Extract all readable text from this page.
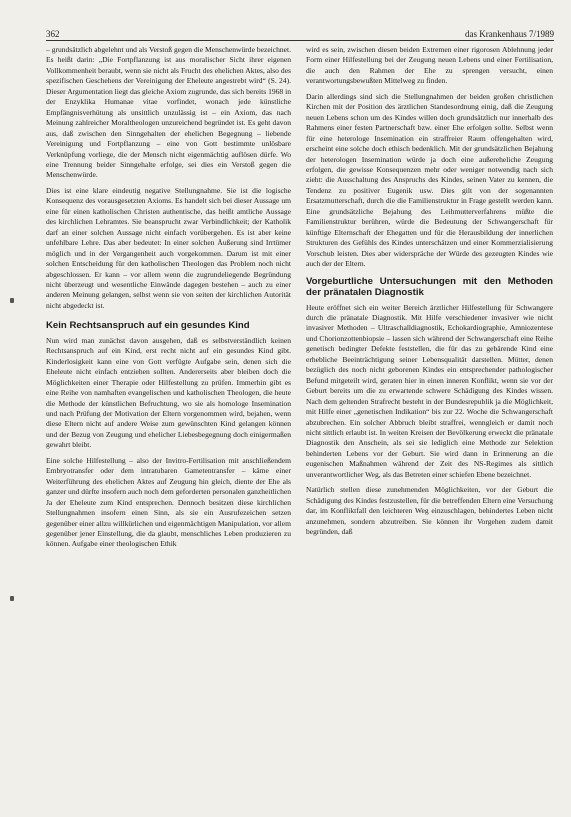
362	das Krankenhaus 7/1989

– grundsätzlich abgelehnt und als Verstoß gegen die Menschenwürde bezeichnet. Es heißt darin: „Die Fortpflanzung ist aus moralischer Sicht ihrer eigenen Vollkommenheit beraubt, wenn sie nicht als Frucht des ehelichen Aktes, also des spezifischen Geschehens der Vereinigung der Eheleute angestrebt wird“ (S. 24). Dieser Argumentation liegt das gleiche Axiom zugrunde, das sich bereits 1968 in der Enzyklika Humanae vitae vorfindet, wonach jede künstliche Empfängnisverhütung als unsittlich unzulässig ist – ein Axiom, das nach Meinung zahlreicher Moraltheologen unzureichend begründet ist. Es geht davon aus, daß zwischen den Sinngehalten der ehelichen Begegnung – liebende Vereinigung und Fortpflanzung – eine von Gott bestimmte unlösbare Verknüpfung vorliege, die der Mensch nicht eigenmächtig auflösen dürfe. Wo eine Trennung beider Sinngehalte erfolge, sei dies ein Verstoß gegen die Menschenwürde.

Dies ist eine klare eindeutig negative Stellungnahme. Sie ist die logische Konsequenz des vorausgesetzten Axioms. Es handelt sich bei dieser Aussage um eine für einen katholischen Christen authentische, das heißt amtliche Aussage des kirchlichen Lehramtes. Sie beansprucht zwar Verbindlichkeit; der Katholik darf an einer solchen Aussage nicht einfach vorübergehen. Es ist aber keine unfehlbare Lehre. Das aber bedeutet: In einer solchen Äußerung sind Irrtümer möglich und in der Vergangenheit auch vorgekommen. Darum ist mit einer solchen Entscheidung für den katholischen Theologen das Problem noch nicht abgeschlossen. Er kann – vor allem wenn die zugrundeliegende Begründung nicht überzeugt und wesentliche Einwände dagegen bestehen – auch zu einer anderen Meinung gelangen, selbst wenn sie von seiten der kirchlichen Autorität nicht abgedeckt ist.

Kein Rechtsanspruch auf ein gesundes Kind

Nun wird man zunächst davon ausgehen, daß es selbstverständlich keinen Rechtsanspruch auf ein Kind, erst recht nicht auf ein gesundes Kind gibt. Kinderlosigkeit kann eine von Gott verfügte Aufgabe sein, denen sich die Eheleute nicht einfach entziehen sollten. Andererseits aber bleiben doch die Möglichkeiten einer Therapie oder Hilfestellung zu prüfen. Immerhin gibt es eine Reihe von namhaften evangelischen und katholischen Theologen, die heute die Methode der künstlichen Befruchtung, wo sie als homologe Insemination und nach Prüfung der Motivation der Eltern vorgenommen wird, bejahen, wenn diese Eltern nicht auf andere Weise zum gewünschten Kind gelangen können und der Bezug von Zeugung und ehelicher Liebesbegegnung doch einigermaßen gewahrt bleibt.

Eine solche Hilfestellung – also der Invitro-Fertilisation mit anschließendem Embryotransfer oder dem intratubaren Gametentransfer – käme einer Weiterführung des ehelichen Aktes auf Zeugung hin gleich, diente der Ehe als ganzer und dürfte insofern auch noch dem geforderten personalen ganzheitlichen Ja der Eheleute zum Kind entsprechen. Dennoch besitzen diese kirchlichen Stellungnahmen insofern einen Sinn, als sie ein Ausrufezeichen setzen gegenüber einer allzu willkürlichen und eigenmächtigen Manipulation, vor allem gegenüber jener Einstellung, die da glaubt, menschliches Leben produzieren zu können. Aufgabe einer theologischen Ethik

wird es sein, zwischen diesen beiden Extremen einer rigorosen Ablehnung jeder Form einer Hilfestellung bei der Zeugung neuen Lebens und einer Fertilisation, die auch den Rahmen der Ehe zu sprengen versucht, einen verantwortungsbewußten Mittelweg zu finden.

Darin allerdings sind sich die Stellungnahmen der beiden großen christlichen Kirchen mit der Position des ärztlichen Standesordnung einig, daß die Zeugung neuen Lebens schon um des Kindes willen doch grundsätzlich nur innerhalb des Rahmens einer festen Partnerschaft bzw. einer Ehe erfolgen sollte. Selbst wenn für eine heterologe Insemination ein straffreier Raum offengehalten wird, erscheint eine solche doch ethisch bedenklich. Mit der grundsätzlichen Bejahung der heterologen Insemination würde ja doch eine außereheliche Zeugung erfolgen, die gewisse Konsequenzen mehr oder weniger notwendig nach sich zieht: die Ausschaltung des Anspruchs des Kindes, seinen Vater zu kennen, die Tendenz zu positiver Eugenik usw. Dies gilt von der sogenannten Ersatzmutterschaft, durch die die Familienstruktur in Frage gestellt werden kann. Eine grundsätzliche Bejahung des Leihmutterverfahrens müßte die Familienstruktur berühren, würde die Bedeutung der Schwangerschaft für künftige Elternschaft der Ehegatten und für die Herausbildung der innerlichen Strukturen des Gefühls des Kindes unterschätzen und einer Kommerzialisierung Vorschub leisten. Dies aber widerspräche der Würde des gezeugten Kindes wie auch der der Eltern.

Vorgeburtliche Untersuchungen mit den Methoden der pränatalen Diagnostik

Heute eröffnet sich ein weiter Bereich ärztlicher Hilfestellung für Schwangere durch die pränatale Diagnostik. Mit Hilfe verschiedener invasiver wie nicht invasiver Methoden – Ultraschalldiagnostik, Echokardiographie, Amniozentese und Chorionzottenbiopsie – lassen sich während der Schwangerschaft eine Reihe genetisch bedingter Defekte feststellen, die für das zu gebärende Kind eine erhebliche Beeinträchtigung seiner Lebensqualität darstellen. Mütter, denen bezüglich des noch nicht geborenen Kindes ein entsprechender pathologischer Befund mitgeteilt wird, geraten hier in einen inneren Konflikt, wenn sie vor der Geburt bereits um die zu erwartende schwere Schädigung des Kindes wissen. Nach dem geltenden Strafrecht besteht in der Bundesrepublik ja die Möglichkeit, mit Hilfe einer „genetischen Indikation“ bis zur 22. Woche die Schwangerschaft abzubrechen. Ein solcher Abbruch bleibt straffrei, wenngleich er damit noch nicht sittlich erlaubt ist. In weiten Kreisen der Bevölkerung erweckt die pränatale Diagnostik den Anschein, als sei sie lediglich eine Methode zur Selektion behinderten Lebens vor der Geburt. Sie wird dann in Erinnerung an die eugenischen Maßnahmen während der Zeit des NS-Regimes als sittlich unverantwortlicher Weg, als das Betreten einer schiefen Ebene bezeichnet.

Natürlich stellen diese zunehmenden Möglichkeiten, vor der Geburt die Schädigung des Kindes festzustellen, für die betreffenden Eltern eine Versuchung dar, im Konfliktfall den leichteren Weg einzuschlagen, behindertes Leben nicht anzunehmen, sondern abzutreiben. Sie können ihr Vorgehen zudem damit begründen, daß
